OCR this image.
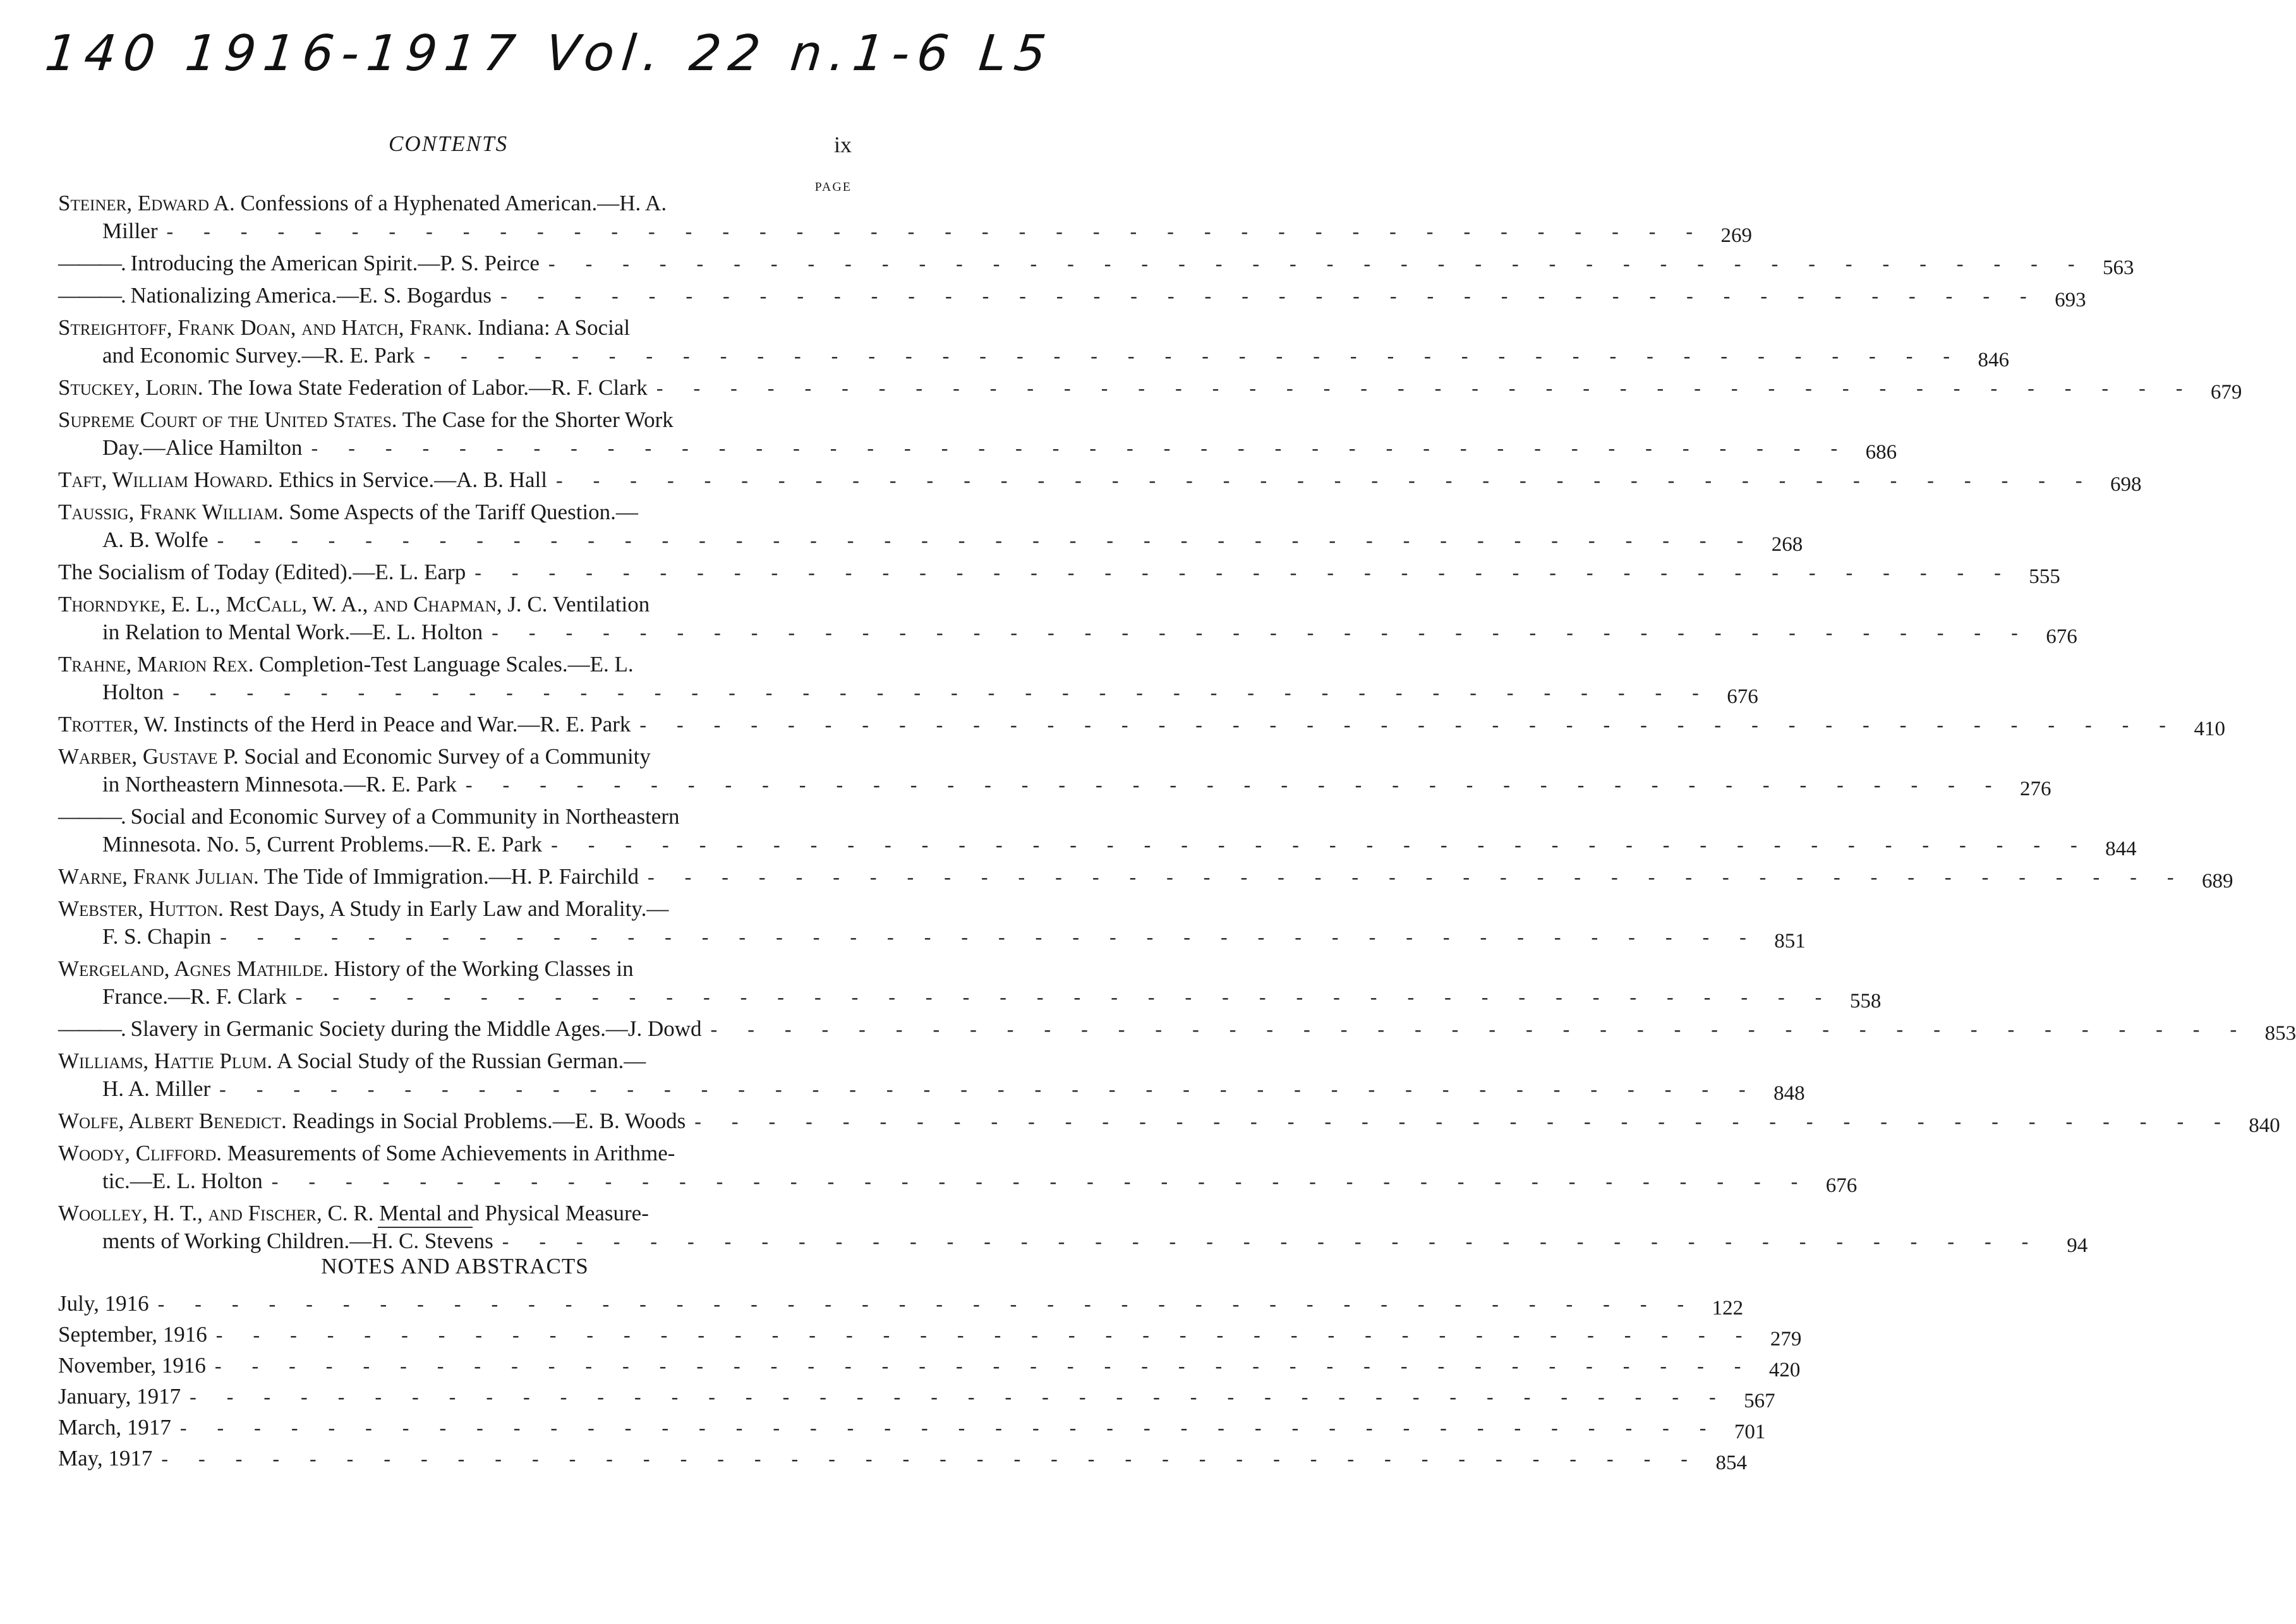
140 1916-1917 Vol. 22 n.1-6 L5
CONTENTS	ix
PAGE
Steiner, Edward A. Confessions of a Hyphenated American.—H. A.
Miller - - - - - - - - - - - - - - - - - - - - - - - - - - - - - - - - - - - - - - - - - - 269
———. Introducing the American Spirit.—P. S. Peirce - - - - - - - - - - - - - - - - - - - - - - - - - - - - - - - - - - - - - - - - - - 563
———. Nationalizing America.—E. S. Bogardus - - - - - - - - - - - - - - - - - - - - - - - - - - - - - - - - - - - - - - - - - - 693
Streightoff, Frank Doan, and Hatch, Frank. Indiana: A Social
and Economic Survey.—R. E. Park - - - - - - - - - - - - - - - - - - - - - - - - - - - - - - - - - - - - - - - - - - 846
Stuckey, Lorin. The Iowa State Federation of Labor.—R. F. Clark - - - - - - - - - - - - - - - - - - - - - - - - - - - - - - - - - - - - - - - - - - 679
Supreme Court of the United States. The Case for the Shorter Work
Day.—Alice Hamilton - - - - - - - - - - - - - - - - - - - - - - - - - - - - - - - - - - - - - - - - - - 686
Taft, William Howard. Ethics in Service.—A. B. Hall - - - - - - - - - - - - - - - - - - - - - - - - - - - - - - - - - - - - - - - - - - 698
Taussig, Frank William. Some Aspects of the Tariff Question.—
A. B. Wolfe - - - - - - - - - - - - - - - - - - - - - - - - - - - - - - - - - - - - - - - - - - 268
The Socialism of Today (Edited).—E. L. Earp - - - - - - - - - - - - - - - - - - - - - - - - - - - - - - - - - - - - - - - - - - 555
Thorndyke, E. L., McCall, W. A., and Chapman, J. C. Ventilation
in Relation to Mental Work.—E. L. Holton - - - - - - - - - - - - - - - - - - - - - - - - - - - - - - - - - - - - - - - - - - 676
Trahne, Marion Rex. Completion-Test Language Scales.—E. L.
Holton - - - - - - - - - - - - - - - - - - - - - - - - - - - - - - - - - - - - - - - - - - 676
Trotter, W. Instincts of the Herd in Peace and War.—R. E. Park - - - - - - - - - - - - - - - - - - - - - - - - - - - - - - - - - - - - - - - - - - 410
Warber, Gustave P. Social and Economic Survey of a Community
in Northeastern Minnesota.—R. E. Park - - - - - - - - - - - - - - - - - - - - - - - - - - - - - - - - - - - - - - - - - - 276
———. Social and Economic Survey of a Community in Northeastern
Minnesota. No. 5, Current Problems.—R. E. Park - - - - - - - - - - - - - - - - - - - - - - - - - - - - - - - - - - - - - - - - - - 844
Warne, Frank Julian. The Tide of Immigration.—H. P. Fairchild - - - - - - - - - - - - - - - - - - - - - - - - - - - - - - - - - - - - - - - - - - 689
Webster, Hutton. Rest Days, A Study in Early Law and Morality.—
F. S. Chapin - - - - - - - - - - - - - - - - - - - - - - - - - - - - - - - - - - - - - - - - - - 851
Wergeland, Agnes Mathilde. History of the Working Classes in
France.—R. F. Clark - - - - - - - - - - - - - - - - - - - - - - - - - - - - - - - - - - - - - - - - - - 558
———. Slavery in Germanic Society during the Middle Ages.—J. Dowd - - - - - - - - - - - - - - - - - - - - - - - - - - - - - - - - - - - - - - - - - - 853
Williams, Hattie Plum. A Social Study of the Russian German.—
H. A. Miller - - - - - - - - - - - - - - - - - - - - - - - - - - - - - - - - - - - - - - - - - - 848
Wolfe, Albert Benedict. Readings in Social Problems.—E. B. Woods - - - - - - - - - - - - - - - - - - - - - - - - - - - - - - - - - - - - - - - - - - 840
Woody, Clifford. Measurements of Some Achievements in Arithme-
tic.—E. L. Holton - - - - - - - - - - - - - - - - - - - - - - - - - - - - - - - - - - - - - - - - - - 676
Woolley, H. T., and Fischer, C. R. Mental and Physical Measure-
ments of Working Children.—H. C. Stevens - - - - - - - - - - - - - - - - - - - - - - - - - - - - - - - - - - - - - - - - - -	94
NOTES AND ABSTRACTS
July, 1916 - - - - - - - - - - - - - - - - - - - - - - - - - - - - - - - - - - - - - - - - - - 122
September, 1916 - - - - - - - - - - - - - - - - - - - - - - - - - - - - - - - - - - - - - - - - - - 279
November, 1916 - - - - - - - - - - - - - - - - - - - - - - - - - - - - - - - - - - - - - - - - - - 420
January, 1917 - - - - - - - - - - - - - - - - - - - - - - - - - - - - - - - - - - - - - - - - - - 567
March, 1917 - - - - - - - - - - - - - - - - - - - - - - - - - - - - - - - - - - - - - - - - - - 701
May, 1917 - - - - - - - - - - - - - - - - - - - - - - - - - - - - - - - - - - - - - - - - - - 854
